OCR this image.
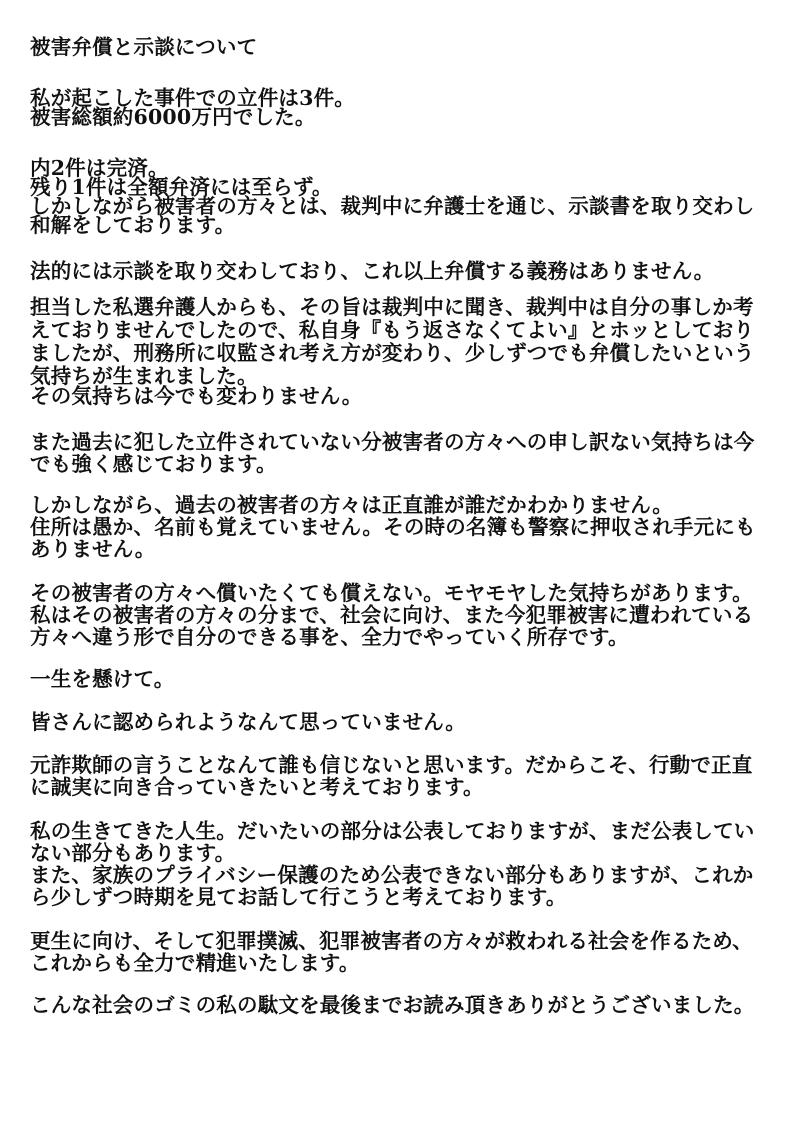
被害弁償と示談について
私が起こした事件での立件は3件。
被害総額約6000万円でした。
内2件は完済。
残り1件は全額弁済には至らず。
しかしながら被害者の方々とは、裁判中に弁護士を通じ、示談書を取り交わし
和解をしております。
法的には示談を取り交わしており、これ以上弁償する義務はありません。
担当した私選弁護人からも、その旨は裁判中に聞き、裁判中は自分の事しか考
えておりませんでしたので、私自身『もう返さなくてよい』とホッとしており
ましたが、刑務所に収監され考え方が変わり、少しずつでも弁償したいという
気持ちが生まれました。
その気持ちは今でも変わりません。
また過去に犯した立件されていない分被害者の方々への申し訳ない気持ちは今
でも強く感じております。
しかしながら、過去の被害者の方々は正直誰が誰だかわかりません。
住所は愚か、名前も覚えていません。その時の名簿も警察に押収され手元にも
ありません。
その被害者の方々へ償いたくても償えない。モヤモヤした気持ちがあります。
私はその被害者の方々の分まで、社会に向け、また今犯罪被害に遭われている
方々へ違う形で自分のできる事を、全力でやっていく所存です。
一生を懸けて。
皆さんに認められようなんて思っていません。
元詐欺師の言うことなんて誰も信じないと思います。だからこそ、行動で正直
に誠実に向き合っていきたいと考えております。
私の生きてきた人生。だいたいの部分は公表しておりますが、まだ公表してい
ない部分もあります。
また、家族のプライバシー保護のため公表できない部分もありますが、これか
ら少しずつ時期を見てお話して行こうと考えております。
更生に向け、そして犯罪撲滅、犯罪被害者の方々が救われる社会を作るため、
これからも全力で精進いたします。
こんな社会のゴミの私の駄文を最後までお読み頂きありがとうございました。
